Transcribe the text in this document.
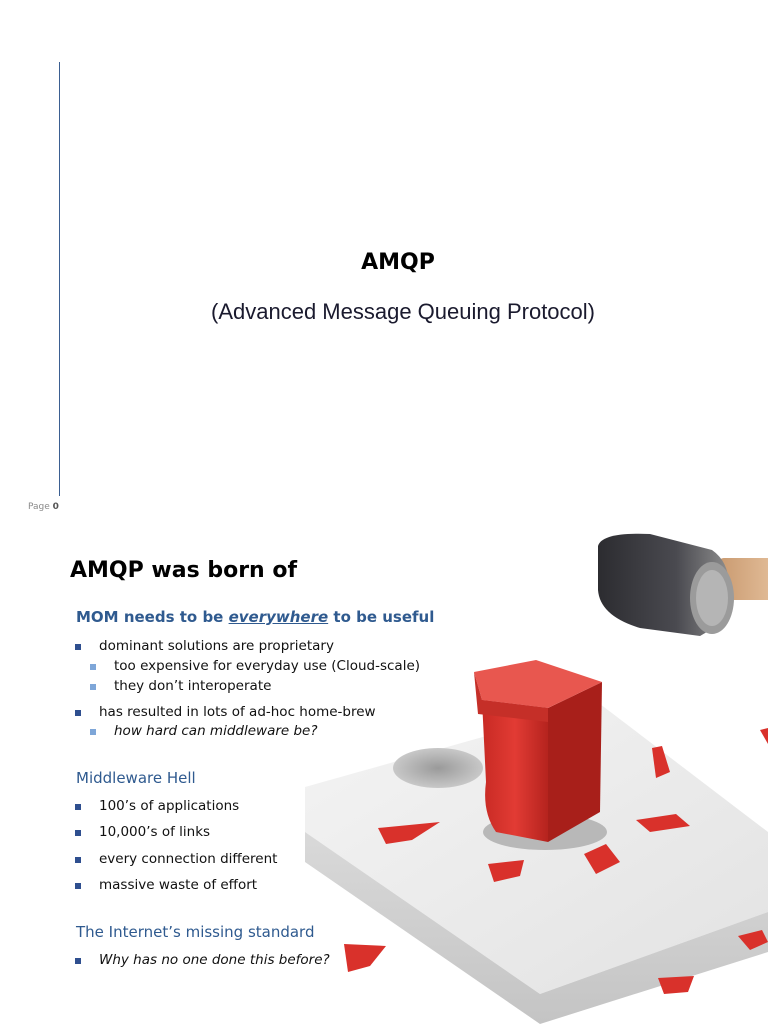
AMQP
(Advanced Message Queuing Protocol)
Page 0
AMQP was born of
MOM needs to be everywhere to be useful
dominant solutions are proprietary
too expensive for everyday use (Cloud-scale)
they don’t interoperate
has resulted in lots of ad-hoc home-brew
how hard can middleware be?
Middleware Hell
100’s of applications
10,000’s of links
every connection different
massive waste of effort
The Internet’s missing standard
Why has no one done this before?
